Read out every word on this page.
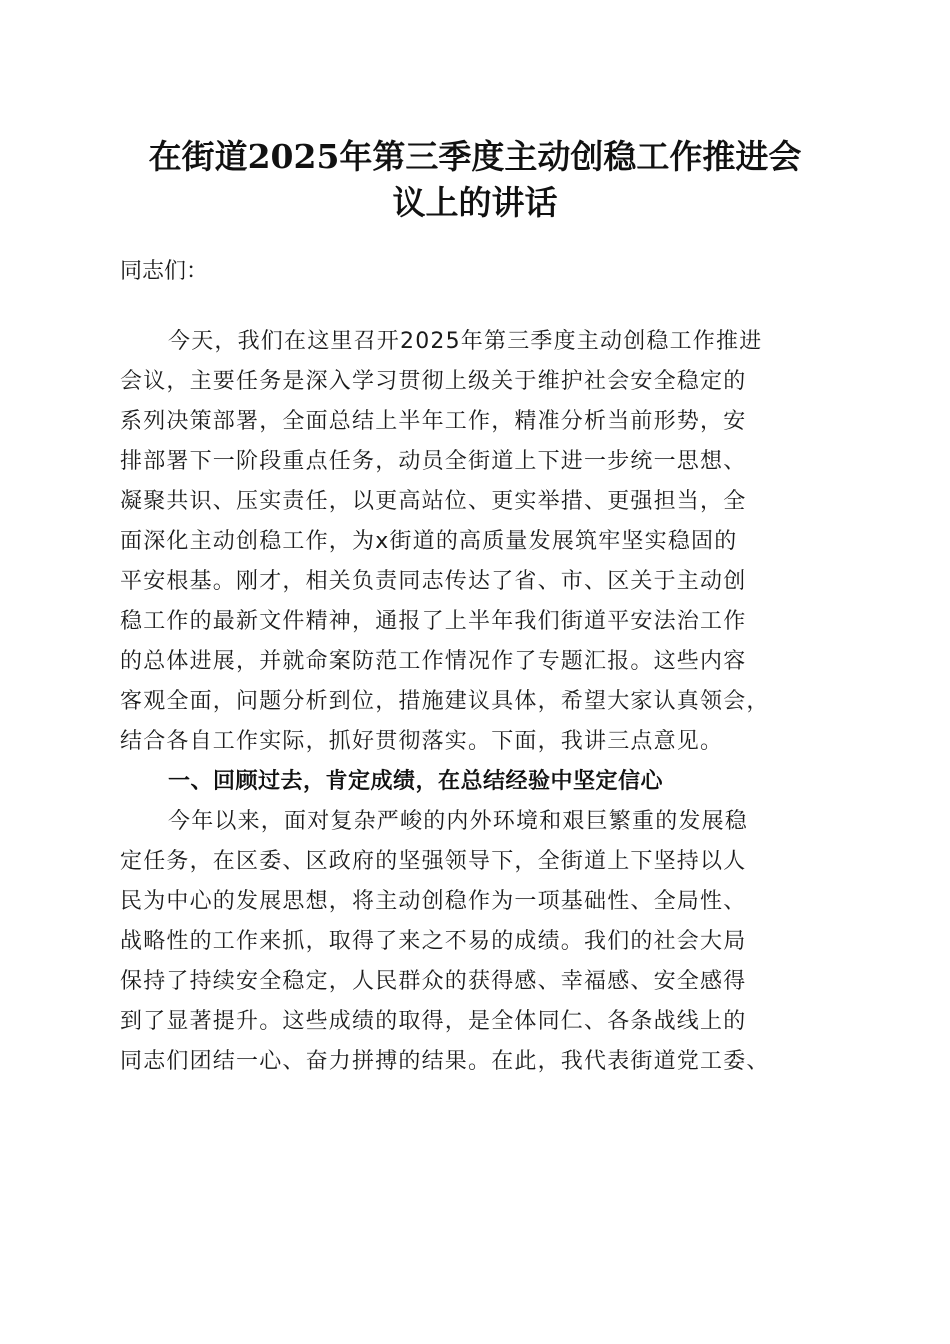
在街道2025年第三季度主动创稳工作推进会
议上的讲话

同志们：

今天，我们在这里召开2025年第三季度主动创稳工作推进
会议，主要任务是深入学习贯彻上级关于维护社会安全稳定的
系列决策部署，全面总结上半年工作，精准分析当前形势，安
排部署下一阶段重点任务，动员全街道上下进一步统一思想、
凝聚共识、压实责任，以更高站位、更实举措、更强担当，全
面深化主动创稳工作，为x街道的高质量发展筑牢坚实稳固的
平安根基。刚才，相关负责同志传达了省、市、区关于主动创
稳工作的最新文件精神，通报了上半年我们街道平安法治工作
的总体进展，并就命案防范工作情况作了专题汇报。这些内容
客观全面，问题分析到位，措施建议具体，希望大家认真领会，
结合各自工作实际，抓好贯彻落实。下面，我讲三点意见。
一、回顾过去，肯定成绩，在总结经验中坚定信心
今年以来，面对复杂严峻的内外环境和艰巨繁重的发展稳
定任务，在区委、区政府的坚强领导下，全街道上下坚持以人
民为中心的发展思想，将主动创稳作为一项基础性、全局性、
战略性的工作来抓，取得了来之不易的成绩。我们的社会大局
保持了持续安全稳定，人民群众的获得感、幸福感、安全感得
到了显著提升。这些成绩的取得，是全体同仁、各条战线上的
同志们团结一心、奋力拼搏的结果。在此，我代表街道党工委、
